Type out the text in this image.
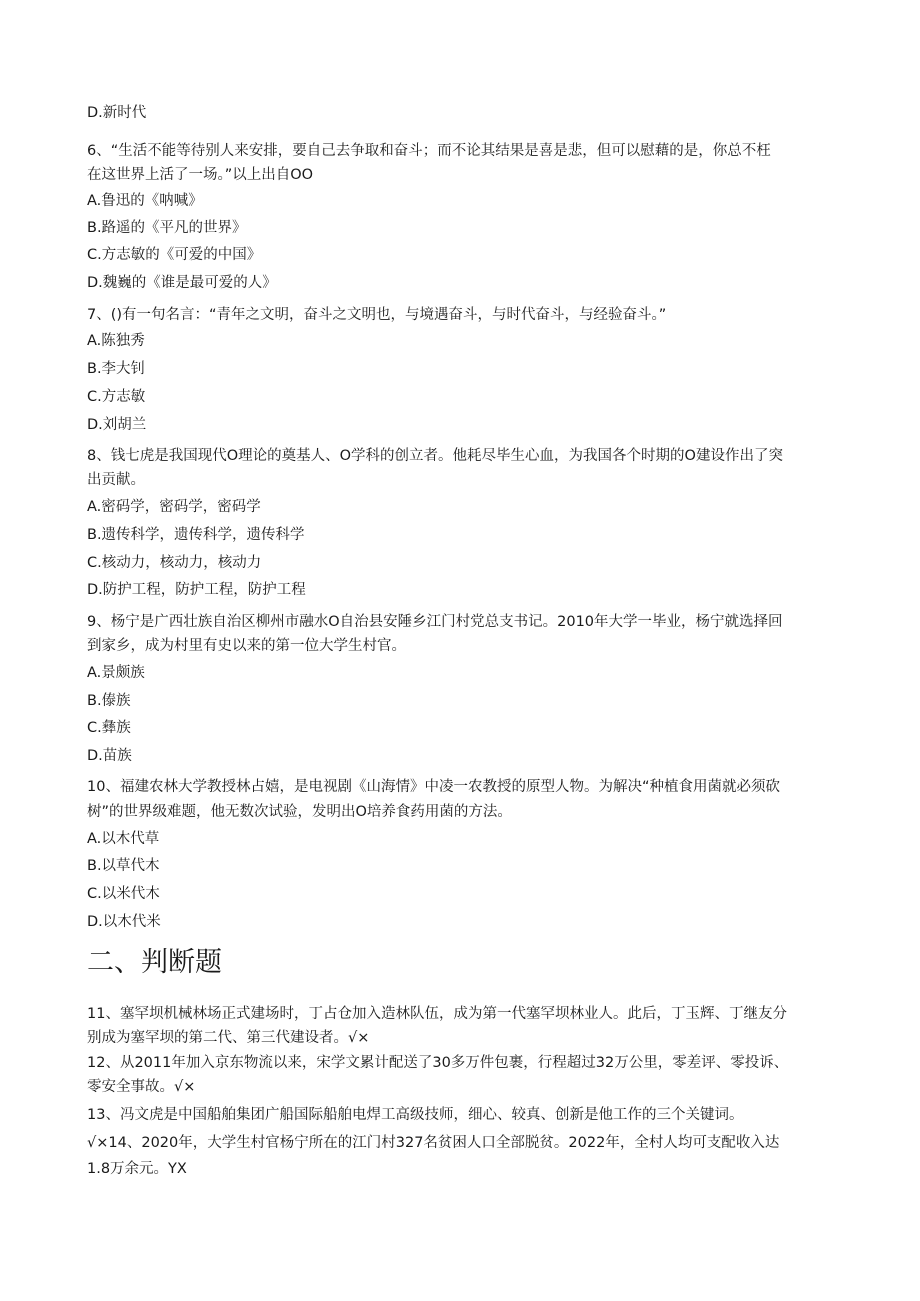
D.新时代

6、“生活不能等待别人来安排，要自己去争取和奋斗；而不论其结果是喜是悲，但可以慰藉的是，你总不枉

在这世界上活了一场。”以上出自OO

A.鲁迅的《呐喊》

B.路遥的《平凡的世界》

C.方志敏的《可爱的中国》

D.魏巍的《谁是最可爱的人》

7、()有一句名言：“青年之文明，奋斗之文明也，与境遇奋斗，与时代奋斗，与经验奋斗。”

A.陈独秀

B.李大钊

C.方志敏

D.刘胡兰

8、钱七虎是我国现代O理论的奠基人、O学科的创立者。他耗尽毕生心血，为我国各个时期的O建设作出了突

出贡献。

A.密码学，密码学，密码学

B.遗传科学，遗传科学，遗传科学

C.核动力，核动力，核动力

D.防护工程，防护工程，防护工程

9、杨宁是广西壮族自治区柳州市融水O自治县安陲乡江门村党总支书记。2010年大学一毕业，杨宁就选择回

到家乡，成为村里有史以来的第一位大学生村官。

A.景颇族

B.傣族

C.彝族

D.苗族

10、福建农林大学教授林占嬉，是电视剧《山海情》中凌一农教授的原型人物。为解决“种植食用菌就必须砍

树”的世界级难题，他无数次试验，发明出O培养食药用菌的方法。

A.以木代草

B.以草代木

C.以米代木

D.以木代米

二、判断题

11、塞罕坝机械林场正式建场时，丁占仓加入造林队伍，成为第一代塞罕坝林业人。此后，丁玉辉、丁继友分

别成为塞罕坝的第二代、第三代建设者。√×

12、从2011年加入京东物流以来，宋学文累计配送了30多万件包裹，行程超过32万公里，零差评、零投诉、

零安全事故。√×

13、冯文虎是中国船舶集团广船国际船舶电焊工高级技师，细心、较真、创新是他工作的三个关键词。

√×14、2020年，大学生村官杨宁所在的江门村327名贫困人口全部脱贫。2022年，全村人均可支配收入达

1.8万余元。YX
